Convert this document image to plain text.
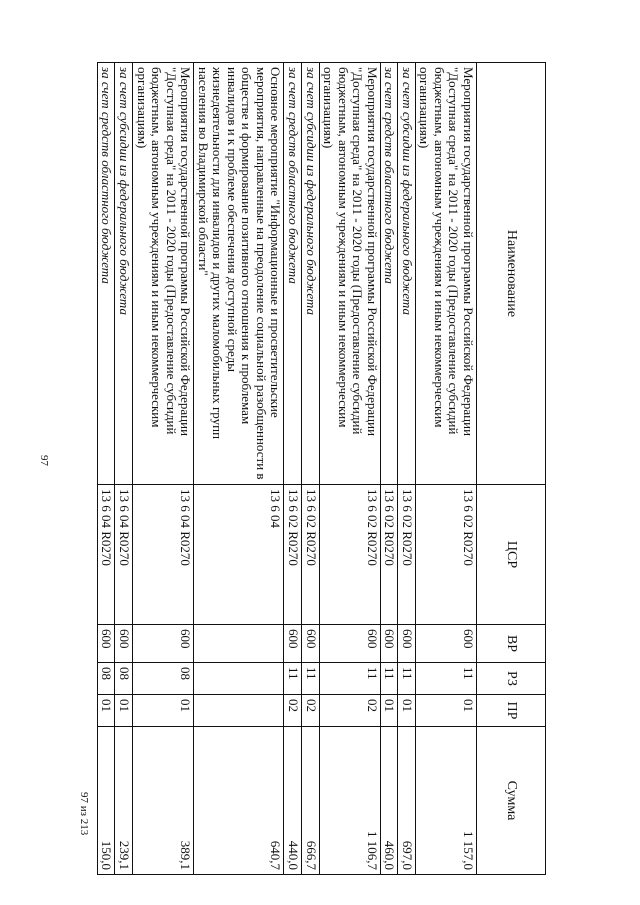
97
Наименование	ЦСР	ВР	РЗ	ПР	Сумма
Мероприятия государственной программы Российской Федерации "Доступная среда" на 2011 - 2020 годы (Предоставление субсидий бюджетным, автономным учреждениям и иным некоммерческим организациям)	13 6 02 R0270	600	11	01	1 157,0
за счет субсидии из федерального бюджета	13 6 02 R0270	600	11	01	697,0
за счет средств областного бюджета	13 6 02 R0270	600	11	01	460,0
Мероприятия государственной программы Российской Федерации "Доступная среда" на 2011 - 2020 годы (Предоставление субсидий бюджетным, автономным учреждениям и иным некоммерческим организациям)	13 6 02 R0270	600	11	02	1 106,7
за счет субсидии из федерального бюджета	13 6 02 R0270	600	11	02	666,7
за счет средств областного бюджета	13 6 02 R0270	600	11	02	440,0
Основное мероприятие "Информационные и просветительские мероприятия, направленные на преодоление социальной разобщенности в обществе и формирование позитивного отношения к проблемам инвалидов и к проблеме обеспечения доступной среды жизнедеятельности для инвалидов и других маломобильных групп населения во Владимирской области"	13 6 04				640,7
Мероприятия государственной программы Российской Федерации "Доступная среда" на 2011 - 2020 годы (Предоставление субсидий бюджетным, автономным учреждениям и иным некоммерческим организациям)	13 6 04 R0270	600	08	01	389,1
за счет субсидии из федерального бюджета	13 6 04 R0270	600	08	01	239,1
за счет средств областного бюджета	13 6 04 R0270	600	08	01	150,0
97 из 213
